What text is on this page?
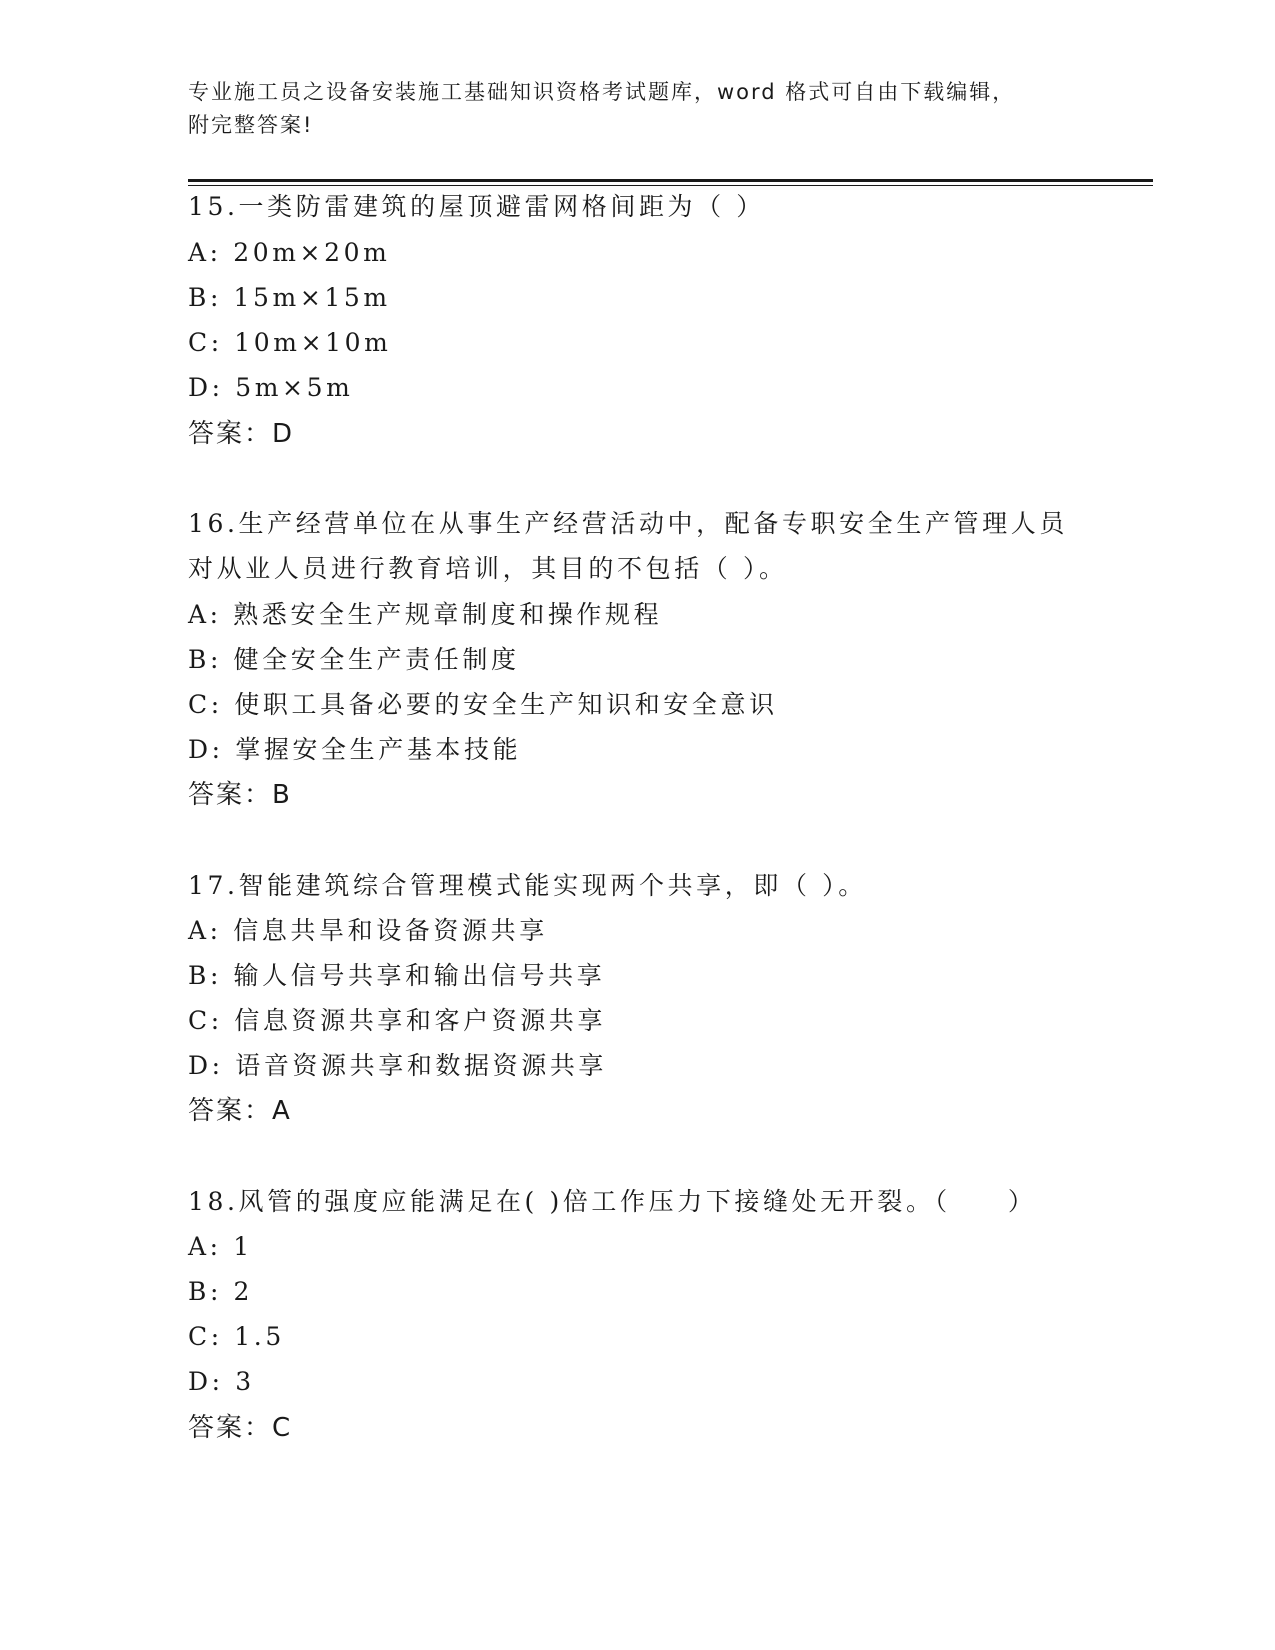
专业施工员之设备安装施工基础知识资格考试题库，word 格式可自由下载编辑，
附完整答案!
15.一类防雷建筑的屋顶避雷网格间距为（ ）
A: 20m×20m
B: 15m×15m
C: 10m×10m
D: 5m×5m
答案：D
16.生产经营单位在从事生产经营活动中，配备专职安全生产管理人员
对从业人员进行教育培训，其目的不包括（ ）。
A: 熟悉安全生产规章制度和操作规程
B: 健全安全生产责任制度
C: 使职工具备必要的安全生产知识和安全意识
D: 掌握安全生产基本技能
答案：B
17.智能建筑综合管理模式能实现两个共享，即（ ）。
A: 信息共旱和设备资源共享
B: 输人信号共享和输出信号共享
C: 信息资源共享和客户资源共享
D: 语音资源共享和数据资源共享
答案：A
18.风管的强度应能满足在( )倍工作压力下接缝处无开裂。（　　）
A: 1
B: 2
C: 1.5
D: 3
答案：C
